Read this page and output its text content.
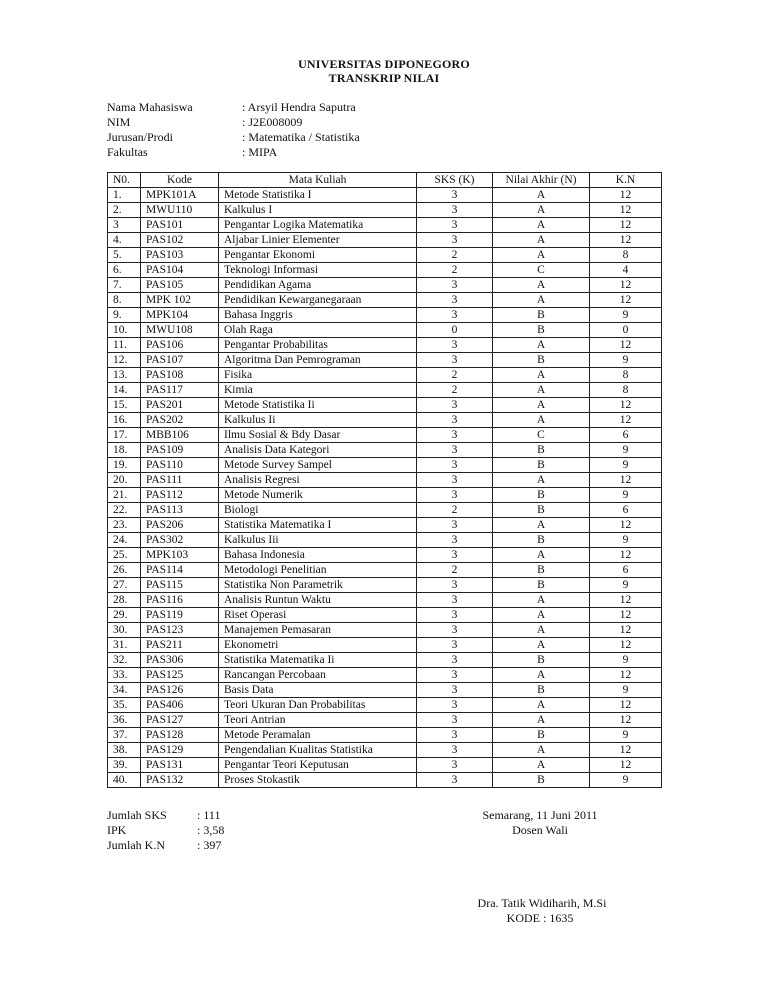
UNIVERSITAS DIPONEGORO
TRANSKRIP NILAI
Nama Mahasiswa	: Arsyil Hendra Saputra
NIM	: J2E008009
Jurusan/Prodi	: Matematika / Statistika
Fakultas	: MIPA
N0.	Kode	Mata Kuliah	SKS (K)	Nilai Akhir (N)	K.N
1.	MPK101A	Metode Statistika I	3	A	12
2.	MWU110	Kalkulus I	3	A	12
3	PAS101	Pengantar Logika Matematika	3	A	12
4.	PAS102	Aljabar Linier Elementer	3	A	12
5.	PAS103	Pengantar Ekonomi	2	A	8
6.	PAS104	Teknologi Informasi	2	C	4
7.	PAS105	Pendidikan Agama	3	A	12
8.	MPK 102	Pendidikan Kewarganegaraan	3	A	12
9.	MPK104	Bahasa Inggris	3	B	9
10.	MWU108	Olah Raga	0	B	0
11.	PAS106	Pengantar Probabilitas	3	A	12
12.	PAS107	Algoritma Dan Pemrograman	3	B	9
13.	PAS108	Fisika	2	A	8
14.	PAS117	Kimia	2	A	8
15.	PAS201	Metode Statistika Ii	3	A	12
16.	PAS202	Kalkulus Ii	3	A	12
17.	MBB106	Ilmu Sosial & Bdy Dasar	3	C	6
18.	PAS109	Analisis Data Kategori	3	B	9
19.	PAS110	Metode Survey Sampel	3	B	9
20.	PAS111	Analisis Regresi	3	A	12
21.	PAS112	Metode Numerik	3	B	9
22.	PAS113	Biologi	2	B	6
23.	PAS206	Statistika Matematika I	3	A	12
24.	PAS302	Kalkulus Iii	3	B	9
25.	MPK103	Bahasa Indonesia	3	A	12
26.	PAS114	Metodologi Penelitian	2	B	6
27.	PAS115	Statistika Non Parametrik	3	B	9
28.	PAS116	Analisis Runtun Waktu	3	A	12
29.	PAS119	Riset Operasi	3	A	12
30.	PAS123	Manajemen Pemasaran	3	A	12
31.	PAS211	Ekonometri	3	A	12
32.	PAS306	Statistika Matematika Ii	3	B	9
33.	PAS125	Rancangan Percobaan	3	A	12
34.	PAS126	Basis Data	3	B	9
35.	PAS406	Teori Ukuran Dan Probabilitas	3	A	12
36.	PAS127	Teori Antrian	3	A	12
37.	PAS128	Metode Peramalan	3	B	9
38.	PAS129	Pengendalian Kualitas Statistika	3	A	12
39.	PAS131	Pengantar Teori Keputusan	3	A	12
40.	PAS132	Proses Stokastik	3	B	9
Jumlah SKS	: 111
IPK	: 3,58
Jumlah K.N	: 397
Semarang, 11 Juni 2011
Dosen Wali
Dra. Tatik Widiharih, M.Si
KODE : 1635
